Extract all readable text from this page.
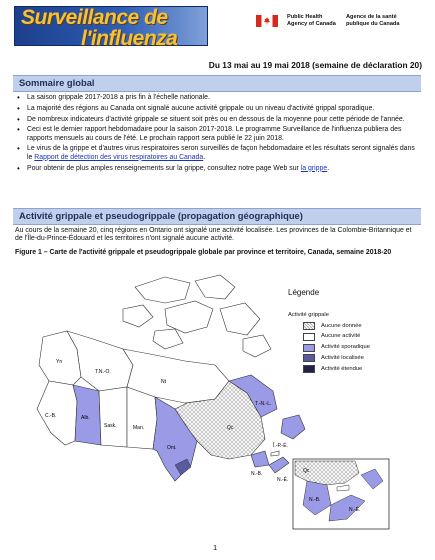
Surveillance de
l'influenza
Public Health Agency of Canada
Agence de la santé publique du Canada
Du 13 mai au 19 mai 2018 (semaine de déclaration 20)
Sommaire global
• La saison grippale 2017-2018 a pris fin à l'échelle nationale.
• La majorité des régions au Canada ont signalé aucune activité grippale ou un niveau d'activité grippal sporadique.
• De nombreux indicateurs d'activité grippale se situent soit près ou en dessous de la moyenne pour cette période de l'année.
• Ceci est le dernier rapport hebdomadaire pour la saison 2017-2018. Le programme Surveillance de l'influenza publiera des rapports mensuels au cours de l'été. Le prochain rapport sera publié le 22 juin 2018.
• Le virus de la grippe et d'autres virus respiratoires seron surveillés de façon hebdomadaire et les résultats seront signalés dans le Rapport de détection des virus respiratoires au Canada.
• Pour obtenir de plus amples renseignements sur la grippe, consultez notre page Web sur la grippe.
Activité grippale et pseudogrippale (propagation géographique)
Au cours de la semaine 20, cinq régions en Ontario ont signalé une activité localisée. Les provinces de la Colombie-Britannique et de l'Île-du-Prince-Édouard et les territoires n'ont signalé aucune activité.
Figure 1 – Carte de l'activité grippale et pseudogrippale globale par province et territoire, Canada, semaine 2018-20
Yn
T.N.-O.
Nt
C.-B.	Alb.
Sask.	Man.
Ont.
Qc
T.-N.-L.
N.-B.
N.-É.
Î.-P.-É.
Qc
N.-B.
N.-É.
Légende
Activité grippale
Aucune donnée
Aucune activité
Activité sporadique
Activité localisée
Activité étendue
1
